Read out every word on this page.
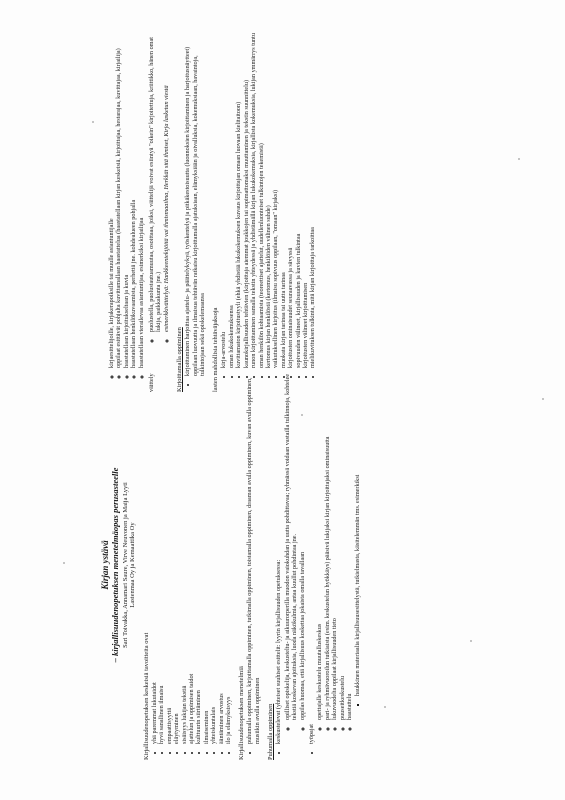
Kirjan ystävä – kirjallisuudenopetuksen menetelmäopas perusasteelle Sari Toivakka, Annamari Saure, Virve Neuvonen ja Maija Lyyti Lastenmaa Oy ja Kemaattika Oy
Kirjallisuudenopetuksen keskeisiä tavoitteita ovat • yhä paremmat lukutaidot • hyvä sanallinen ilmaisu • empaattisyyttä • eläytyminen • sisäisyys lukijan tekstiä • ajattelun ja oppimisen taidot • kulttuurin siirtäminen • ilmaiseminen • yhteiskuntalais • ääntäminen arvostus • ilo ja elämyksisyys Kirjallisuudenopetuksen menetelmiä • puhumalla oppiminen, kirjoittamalla oppiminen, tutkimalla oppiminen, toistamalla oppiminen, draaman avulla oppiminen, kuvan avulla oppiminen, musiikin avulla oppiminen Puhumalla oppiminen • keskustelevat (yhteiset suuhiset esittelit: lyyrin kirjallisuuden opetuksessa: ◦ opilliset opiskelija, keskusteltu- ja aikuurorperilla muodon vaiokuhdan ja uutta pohdittavaa; ryhmässä voidaan vastailla tulkinnoja, kohtelee tekstiä koskevan ajoituksia, luoda näkökulmia, antaa kuullut pohdintaa jne. ◦ oppilas huomaa, että kirjallisuus koskettaa jokaista omalla tavallaan
• työpajat
◦ opettajalle keskustelu muutalluskeskus ◦ pari- ja ryhmävuoroilun tutkiaista (esim. keskustelun hyökkäys) pääsivä lukijaksi kirjan kirjoittajaksi ominaisuutta ◦ lukuvuodelta oppilaat kirjallisuuden tieto ◦ puuseitkeskustelu ◦ haastattelu
▪ haukkinen materiaalia kirjallisuusesittelystä, tutkielmasta, käsitelemmän tms. esimerkiksi
◦ kirjaesittelijoille, kirjakerapoiksille tai muulle asiantuntijalle ◦ oppilaat esittävät pohjalta kuvittamallaan haastattelua (haastatellaan kirjan keskeisiä, kirjoittajaa, hestarajaa, kuvittajaa, kirjailija) ◦ haastatellaan kirjoitukseltaan ja kuvia ◦ haastatellaan henkilökuvaamista, perhettä jne. kohdealueen pohjalla ◦ haastatellaan vierailevaa asiantuntijaa, esimerkiksi kirjailijaa
väittely
◦ puolustella, puolustautuamuutaa, osoittaaa, joiksi, väittelijä voivat esiintyä "oikein" kirjoitettuja, kriittikko, hänen omat lukija, paikkakunta jne.) ◦ esimerkkiväittelyä: Hankkeentekijöitä vai ihmismaailma, Herkkät sitä ihmiset, Kirja lasketun viestä
Kirjoittamalla oppiminen • kirjoittaminen harjoittaa ajattelu- ja päättelykykyä, työskentelyä ja pitkäkestoisuutta (luonnoksien kirjoittaminen ja harjoitusnäytteet) oppilaan luovuutta ja ilmaisua tehtävän ratkaisu kirjoittamalla ajatuksiaan, elämyksiään ja oivalluksia, kokemuksiaan, havaintoja, tulkintojaan sekä opiskelemaansa lasten mahdollisia tehtäväjaksoja • kirja-arvostelu • oman lukukokemuksensa • kuvittamaton kirjoitustyyli (ehkä yhdistää lukukokemuksen kuvaus kirjoittajan omaan luovaan kielitaitoon) • kaunokirjallisuuden tehtävien (kirjoittaja aiemmat joukkojen tai sopimattomaksi muuttaminen ja tekstin suunnittelu) • runon kirjoittaminen samalla tekstin yhteydessä ja yhdistämällä kirjan lukukokemuksia, kirjallista kokemuksia, lukijan ymmärrys tuntu • oman henkilön kohtaamista (teoreettiset ajattelut, uudellenluonteiset tulkintojen tekemistä) • kertomus kirjan henkilöstä (kertomus, henkilöiden välinen suhde) • vaikutuksellinen kirjoitus (ilmaisu sopivuus oppilaan, "omaan" kirjaksi) • muokata kirjan tarinaa tai uutta tarinaa • kirjoitusten ominaisuudet seuraavassa ja sävyssä • sopivuuden välineet, kirjallisuuden ja kuvien tulkintaa • kirjoitusten välineet kirjoittamisen • mielikuvituksen tulkinta, mitä kirjan kirjoittaja tarkoittaa
